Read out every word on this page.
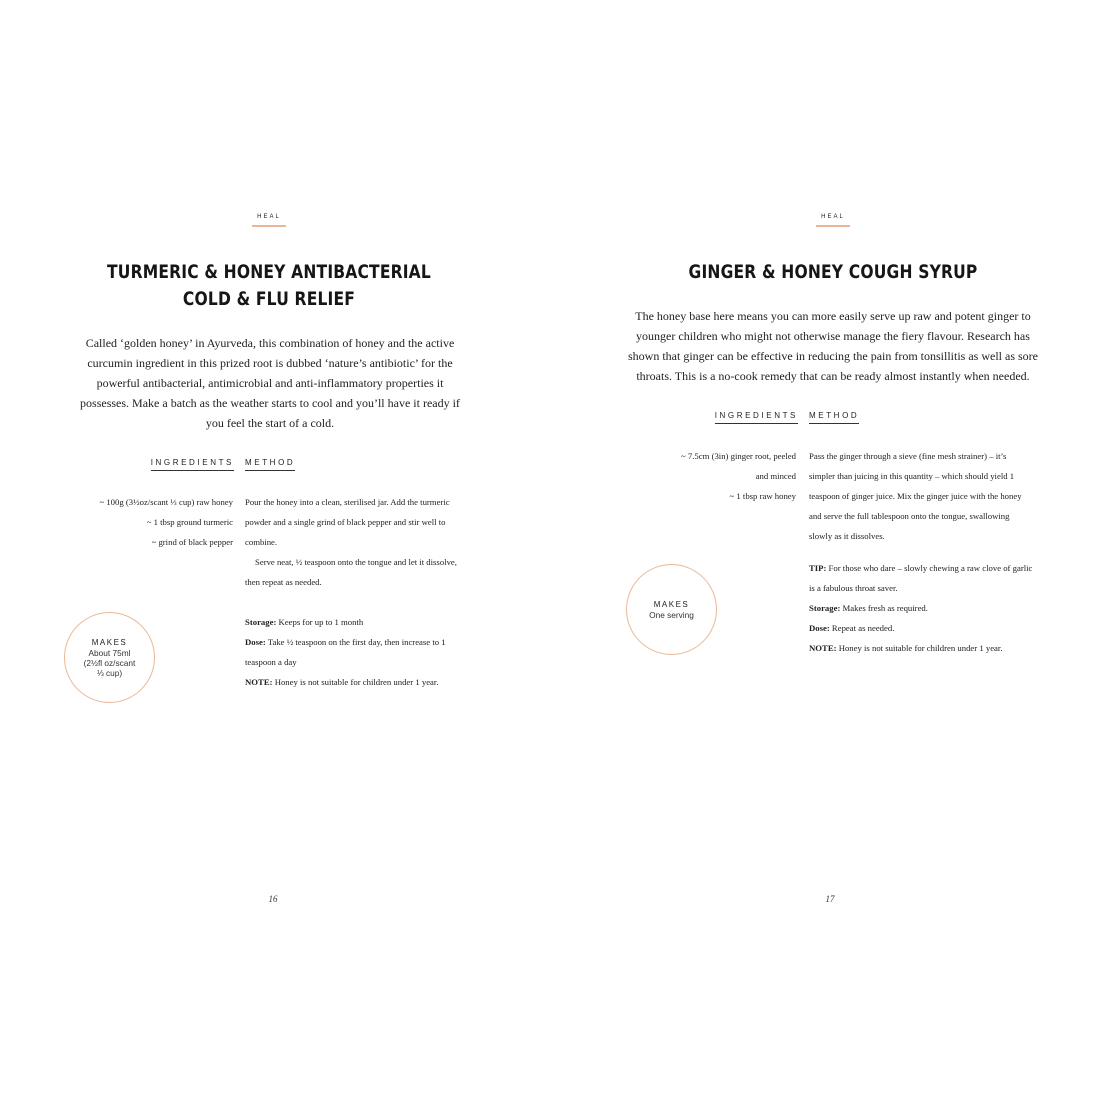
HEAL
TURMERIC & HONEY ANTIBACTERIAL
COLD & FLU RELIEF

Called ‘golden honey’ in Ayurveda, this combination of honey and the active curcumin ingredient in this prized root is dubbed ‘nature’s antibiotic’ for the powerful antibacterial, antimicrobial and anti-inflammatory properties it possesses. Make a batch as the weather starts to cool and you’ll have it ready if you feel the start of a cold.

INGREDIENTS METHOD
~ 100g (3½oz/scant ⅓ cup) raw honey
~ 1 tbsp ground turmeric
~ grind of black pepper

Pour the honey into a clean, sterilised jar. Add the turmeric powder and a single grind of black pepper and stir well to combine.

Serve neat, ½ teaspoon onto the tongue and let it dissolve, then repeat as needed.

Storage: Keeps for up to 1 month

Dose: Take ½ teaspoon on the first day, then increase to 1 teaspoon a day

NOTE: Honey is not suitable for children under 1 year.

MAKES
About 75ml
(2½fl oz/scant
⅓ cup)
16
HEAL
GINGER & HONEY COUGH SYRUP

The honey base here means you can more easily serve up raw and potent ginger to younger children who might not otherwise manage the fiery flavour. Research has shown that ginger can be effective in reducing the pain from tonsillitis as well as sore throats. This is a no-cook remedy that can be ready almost instantly when needed.

INGREDIENTS METHOD
~ 7.5cm (3in) ginger root, peeled
and minced
~ 1 tbsp raw honey

Pass the ginger through a sieve (fine mesh strainer) – it’s simpler than juicing in this quantity – which should yield 1 teaspoon of ginger juice. Mix the ginger juice with the honey and serve the full tablespoon onto the tongue, swallowing slowly as it dissolves.

TIP: For those who dare – slowly chewing a raw clove of garlic is a fabulous throat saver.

Storage: Makes fresh as required.

Dose: Repeat as needed.

NOTE: Honey is not suitable for children under 1 year.

MAKES
One serving
17
